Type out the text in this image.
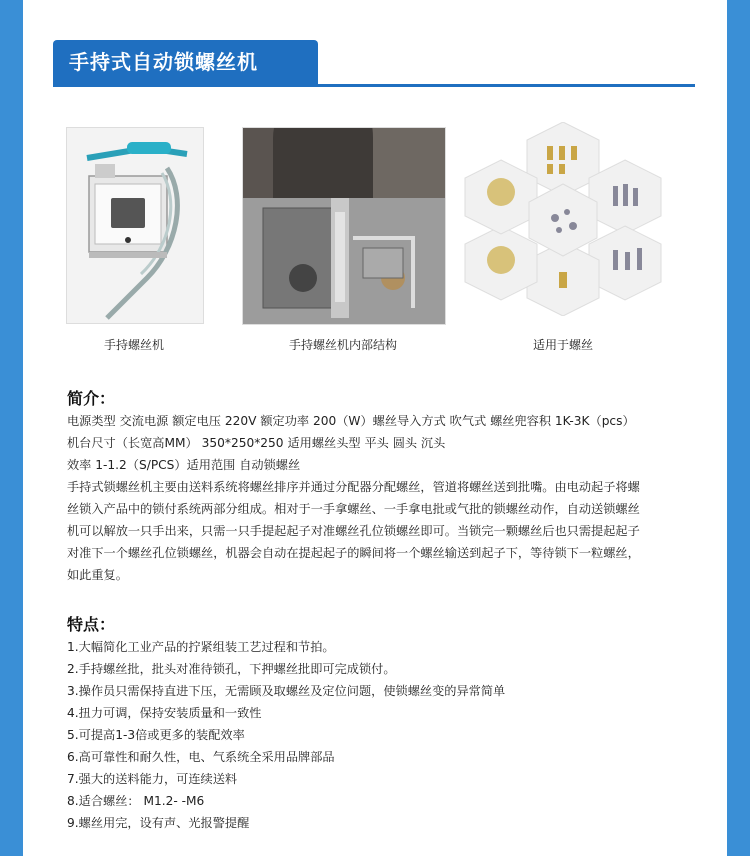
手持式自动锁螺丝机
手持螺丝机	手持螺丝机内部结构	适用于螺丝
简介：

电源类型 交流电源 额定电压 220V 额定功率 200（W）螺丝导入方式 吹气式 螺丝兜容积 1K-3K（pcs）

机台尺寸（长宽高MM） 350*250*250 适用螺丝头型 平头 圆头 沉头

效率 1-1.2（S/PCS）适用范围 自动锁螺丝

手持式锁螺丝机主要由送料系统将螺丝排序并通过分配器分配螺丝，管道将螺丝送到批嘴。由电动起子将螺

丝锁入产品中的锁付系统两部分组成。相对于一手拿螺丝、一手拿电批或气批的锁螺丝动作，自动送锁螺丝

机可以解放一只手出来，只需一只手提起起子对准螺丝孔位锁螺丝即可。当锁完一颗螺丝后也只需提起起子

对准下一个螺丝孔位锁螺丝，机器会自动在提起起子的瞬间将一个螺丝输送到起子下，等待锁下一粒螺丝，

如此重复。

特点：
1.大幅简化工业产品的拧紧组装工艺过程和节拍。
2.手持螺丝批，批头对准待锁孔，下押螺丝批即可完成锁付。
3.操作员只需保持直进下压，无需顾及取螺丝及定位问题，使锁螺丝变的异常简单
4.扭力可调，保持安装质量和一致性
5.可提高1-3倍或更多的装配效率
6.高可靠性和耐久性，电、气系统全采用品牌部品
7.强大的送料能力，可连续送料
8.适合螺丝： M1.2- -M6
9.螺丝用完，设有声、光报警提醒
